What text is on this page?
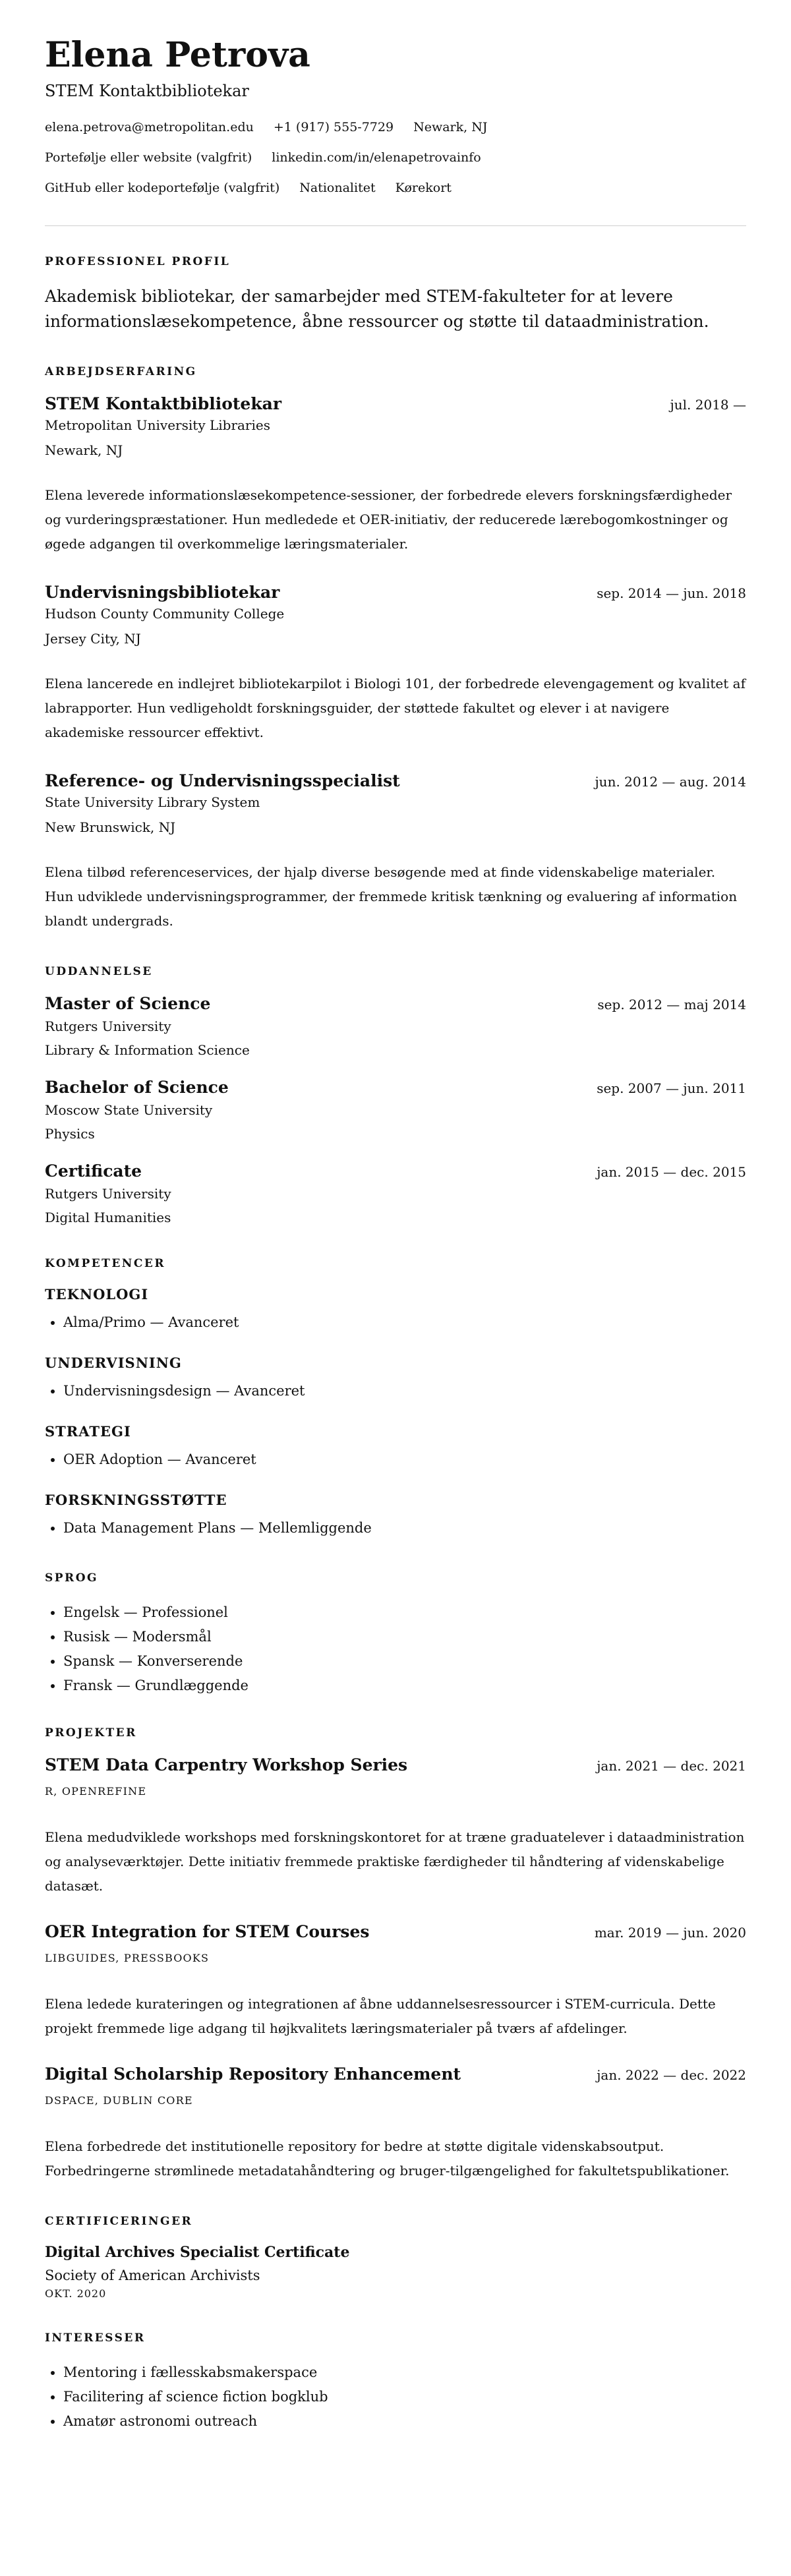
Elena Petrova
STEM Kontaktbibliotekar
elena.petrova@metropolitan.edu +1 (917) 555-7729 Newark, NJ
Portefølje eller website (valgfrit) linkedin.com/in/elenapetrovainfo
GitHub eller kodeportefølje (valgfrit) Nationalitet Kørekort
PROFESSIONEL PROFIL

Akademisk bibliotekar, der samarbejder med STEM-fakulteter for at levere informationslæsekompetence, åbne ressourcer og støtte til dataadministration.

ARBEJDSERFARING
STEM Kontaktbibliotekar	jul. 2018 —
Metropolitan University Libraries
Newark, NJ
Elena leverede informationslæsekompetence-sessioner, der forbedrede elevers forskningsfærdigheder og vurderingspræstationer. Hun medledede et OER-initiativ, der reducerede lærebogomkostninger og øgede adgangen til overkommelige læringsmaterialer.
Undervisningsbibliotekar	sep. 2014 — jun. 2018
Hudson County Community College
Jersey City, NJ
Elena lancerede en indlejret bibliotekarpilot i Biologi 101, der forbedrede elevengagement og kvalitet af labrapporter. Hun vedligeholdt forskningsguider, der støttede fakultet og elever i at navigere akademiske ressourcer effektivt.
Reference- og Undervisningsspecialist	jun. 2012 — aug. 2014
State University Library System
New Brunswick, NJ
Elena tilbød referenceservices, der hjalp diverse besøgende med at finde videnskabelige materialer. Hun udviklede undervisningsprogrammer, der fremmede kritisk tænkning og evaluering af information blandt undergrads.
UDDANNELSE
Master of Science	sep. 2012 — maj 2014
Rutgers University
Library & Information Science
Bachelor of Science	sep. 2007 — jun. 2011
Moscow State University
Physics
Certificate	jan. 2015 — dec. 2015
Rutgers University
Digital Humanities
KOMPETENCER
TEKNOLOGI
• Alma/Primo — Avanceret
UNDERVISNING
• Undervisningsdesign — Avanceret
STRATEGI
• OER Adoption — Avanceret
FORSKNINGSSTØTTE
• Data Management Plans — Mellemliggende
SPROG
• Engelsk — Professionel
• Rusisk — Modersmål
• Spansk — Konverserende
• Fransk — Grundlæggende
PROJEKTER
STEM Data Carpentry Workshop Series	jan. 2021 — dec. 2021
R, OPENREFINE
Elena medudviklede workshops med forskningskontoret for at træne graduatelever i dataadministration og analyseværktøjer. Dette initiativ fremmede praktiske færdigheder til håndtering af videnskabelige datasæt.
OER Integration for STEM Courses	mar. 2019 — jun. 2020
LIBGUIDES, PRESSBOOKS
Elena ledede kurateringen og integrationen af åbne uddannelsesressourcer i STEM-curricula. Dette projekt fremmede lige adgang til højkvalitets læringsmaterialer på tværs af afdelinger.
Digital Scholarship Repository Enhancement	jan. 2022 — dec. 2022
DSPACE, DUBLIN CORE
Elena forbedrede det institutionelle repository for bedre at støtte digitale videnskabsoutput. Forbedringerne strømlinede metadatahåndtering og bruger-tilgængelighed for fakultetspublikationer.
CERTIFICERINGER
Digital Archives Specialist Certificate
Society of American Archivists
OKT. 2020
INTERESSER
• Mentoring i fællesskabsmakerspace
• Facilitering af science fiction bogklub
• Amatør astronomi outreach
